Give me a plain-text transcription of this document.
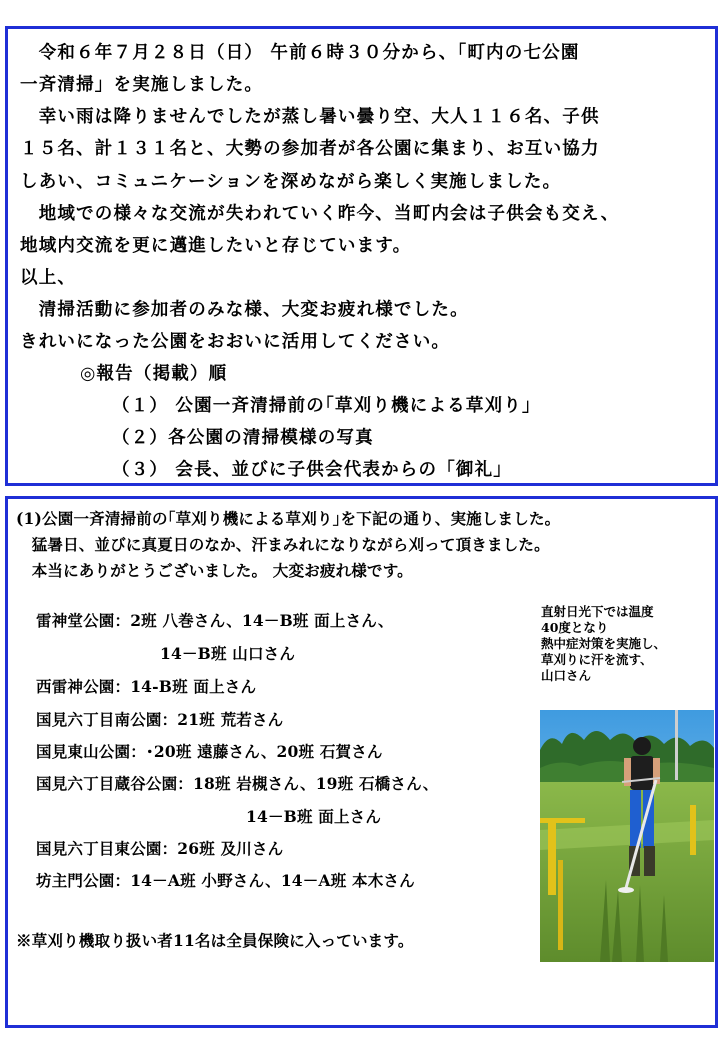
　令和６年７月２８日（日） 午前６時３０分から、「町内の七公園
一斉清掃」を実施しました。
　幸い雨は降りませんでしたが蒸し暑い曇り空、大人１１６名、子供
１５名、計１３１名と、大勢の参加者が各公園に集まり、お互い協力
しあい、コミュニケーションを深めながら楽しく実施しました。
　地域での様々な交流が失われていく昨今、当町内会は子供会も交え、
地域内交流を更に邁進したいと存じています。
以上、
　清掃活動に参加者のみな様、大変お疲れ様でした。
きれいになった公園をおおいに活用してください。
◎報告（掲載）順
（１） 公園一斉清掃前の｢草刈り機による草刈り｣
（２）各公園の清掃模様の写真
（３） 会長、並びに子供会代表からの「御礼」
(1)公園一斉清掃前の｢草刈り機による草刈り｣を下記の通り、実施しました。
　猛暑日、並びに真夏日のなか、汗まみれになりながら刈って頂きました。
　本当にありがとうございました。 大変お疲れ様です。
雷神堂公園：2班 八巻さん、14－B班 面上さん、
14－B班 山口さん
西雷神公園：14-B班 面上さん
国見六丁目南公園：21班 荒若さん
国見東山公園：･20班 遠藤さん、20班 石賀さん
国見六丁目蔵谷公園：18班 岩槻さん、19班 石橋さん、
14－B班 面上さん
国見六丁目東公園：26班 及川さん
坊主門公園：14－A班 小野さん、14－A班 本木さん
※草刈り機取り扱い者11名は全員保険に入っています。
直射日光下では温度
40度となり
熱中症対策を実施し、
草刈りに汗を流す、
山口さん
